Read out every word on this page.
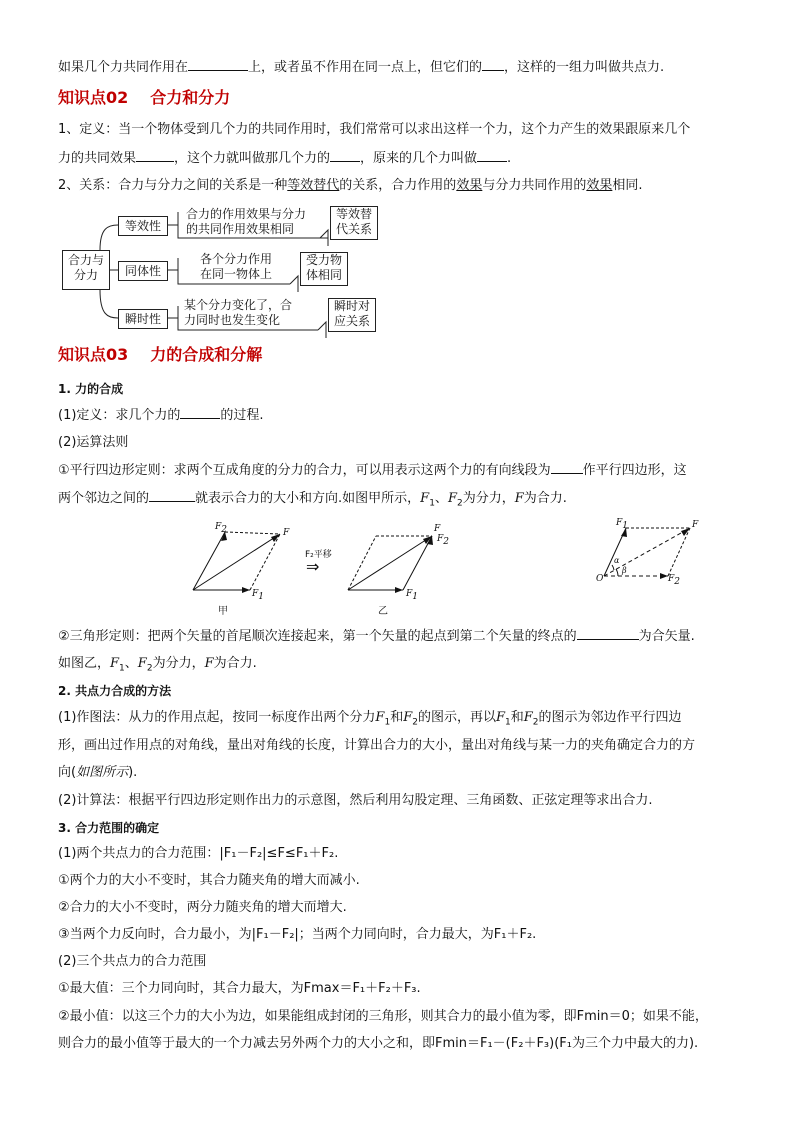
如果几个力共同作用在	上，或者虽不作用在同一点上，但它们的 ，这样的一组力叫做共点力.
知识点02 合力和分力
1、定义：当一个物体受到几个力的共同作用时，我们常常可以求出这样一个力，这个力产生的效果跟原来几个
力的共同效果	，这个力就叫做那几个力的 ，原来的几个力叫做 .
2、关系：合力与分力之间的关系是一种等效替代的关系，合力作用的效果与分力共同作用的效果相同.
合力与
分力
等效性
同体性
瞬时性
合力的作用效果与分力
的共同作用效果相同
各个分力作用
在同一物体上
某个分力变化了，合
力同时也发生变化
等效替
代关系
受力物
体相同
瞬时对
应关系
知识点03 力的合成和分解
1. 力的合成
(1)定义：求几个力的	的过程.
(2)运算法则
①平行四边形定则：求两个互成角度的分力的合力，可以用表示这两个力的有向线段为 作平行四边形，这
两个邻边之间的	就表示合力的大小和方向.如图甲所示，$F_1$、$F_2$为分力，F为合力.
$F_2$	F
$F_1$
甲
F₂平移
⇒
F
$F_2$
$F_1$
乙
$F_1$	F
$F_2$
O
α
β
②三角形定则：把两个矢量的首尾顺次连接起来，第一个矢量的起点到第二个矢量的终点的	为合矢量.
如图乙，$F_1$、$F_2$为分力，F为合力.
2. 共点力合成的方法
(1)作图法：从力的作用点起，按同一标度作出两个分力$F_1$和$F_2$的图示，再以$F_1$和$F_2$的图示为邻边作平行四边
形，画出过作用点的对角线，量出对角线的长度，计算出合力的大小，量出对角线与某一力的夹角确定合力的方
向(如图所示).
(2)计算法：根据平行四边形定则作出力的示意图，然后利用勾股定理、三角函数、正弦定理等求出合力.
3. 合力范围的确定
(1)两个共点力的合力范围：|F₁－F₂|≤F≤F₁＋F₂.
①两个力的大小不变时，其合力随夹角的增大而减小.
②合力的大小不变时，两分力随夹角的增大而增大.
③当两个力反向时，合力最小，为|F₁－F₂|；当两个力同向时，合力最大，为F₁＋F₂.
(2)三个共点力的合力范围
①最大值：三个力同向时，其合力最大，为Fmax＝F₁＋F₂＋F₃.
②最小值：以这三个力的大小为边，如果能组成封闭的三角形，则其合力的最小值为零，即Fmin＝0；如果不能，
则合力的最小值等于最大的一个力减去另外两个力的大小之和，即Fmin＝F₁－(F₂＋F₃)(F₁为三个力中最大的力).
